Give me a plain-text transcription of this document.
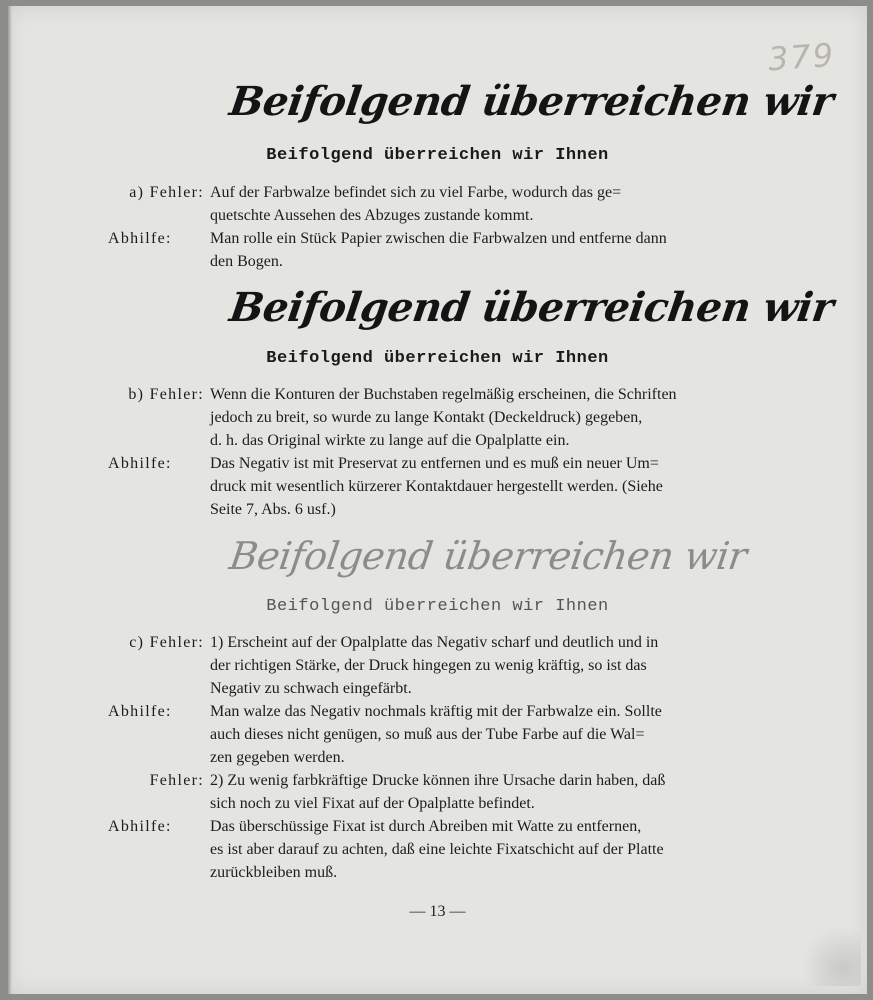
379
Beifolgend überreichen wir
Beifolgend überreichen wir Ihnen
a) Fehler: Auf der Farbwalze befindet sich zu viel Farbe, wodurch das ge=
quetschte Aussehen des Abzuges zustande kommt.
Abhilfe:	Man rolle ein Stück Papier zwischen die Farbwalzen und entferne dann
den Bogen.
Beifolgend überreichen wir
Beifolgend überreichen wir Ihnen
b) Fehler: Wenn die Konturen der Buchstaben regelmäßig erscheinen, die Schriften
jedoch zu breit, so wurde zu lange Kontakt (Deckeldruck) gegeben,
d. h. das Original wirkte zu lange auf die Opalplatte ein.
Abhilfe:	Das Negativ ist mit Preservat zu entfernen und es muß ein neuer Um=
druck mit wesentlich kürzerer Kontaktdauer hergestellt werden. (Siehe
Seite 7, Abs. 6 usf.)
Beifolgend überreichen wir
Beifolgend überreichen wir Ihnen
c) Fehler: 1) Erscheint auf der Opalplatte das Negativ scharf und deutlich und in
der richtigen Stärke, der Druck hingegen zu wenig kräftig, so ist das
Negativ zu schwach eingefärbt.
Abhilfe:	Man walze das Negativ nochmals kräftig mit der Farbwalze ein. Sollte
auch dieses nicht genügen, so muß aus der Tube Farbe auf die Wal=
zen gegeben werden.
Fehler: 2) Zu wenig farbkräftige Drucke können ihre Ursache darin haben, daß
sich noch zu viel Fixat auf der Opalplatte befindet.
Abhilfe:	Das überschüssige Fixat ist durch Abreiben mit Watte zu entfernen,
es ist aber darauf zu achten, daß eine leichte Fixatschicht auf der Platte
zurückbleiben muß.
— 13 —
